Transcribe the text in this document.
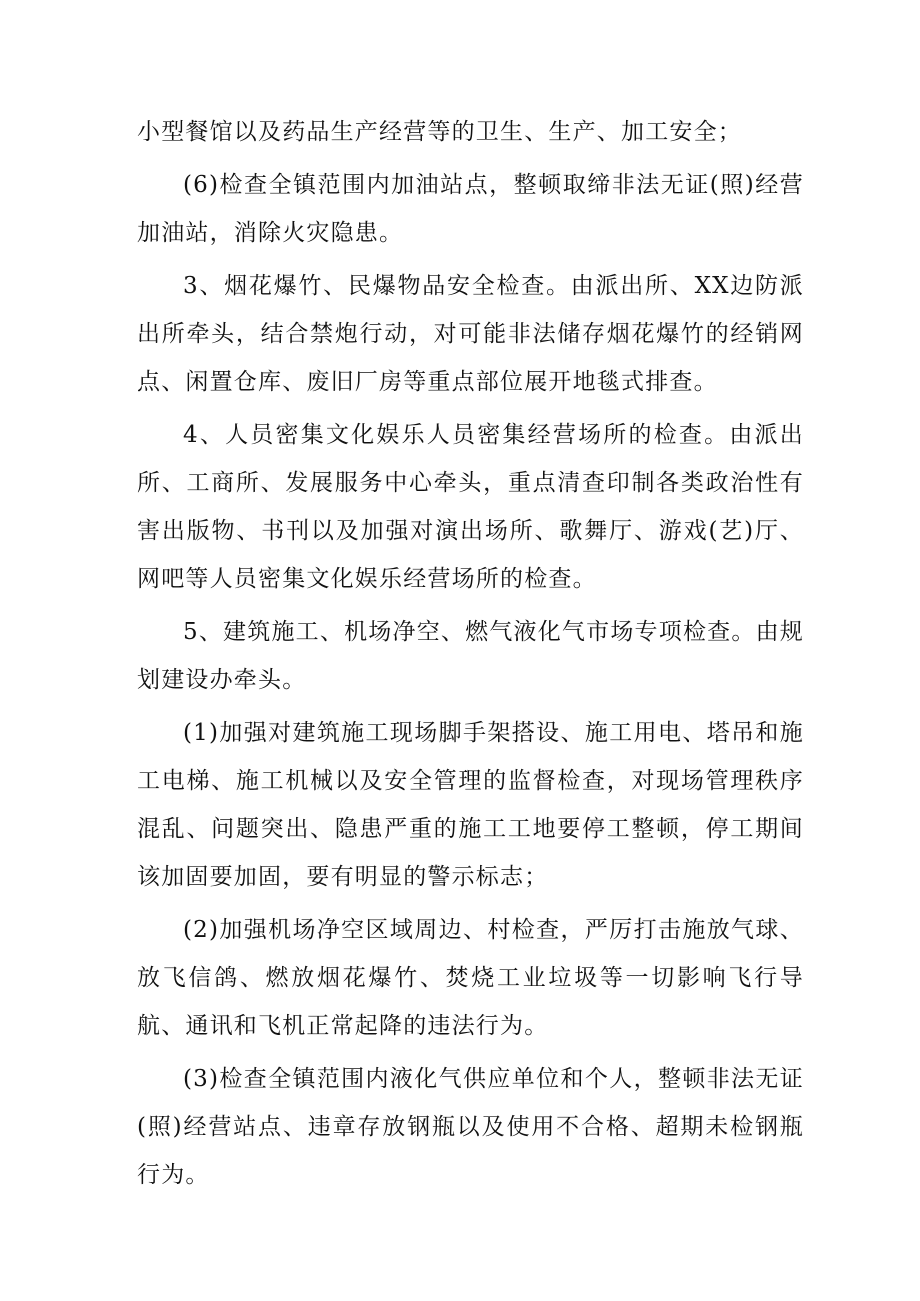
小型餐馆以及药品生产经营等的卫生、生产、加工安全；

(6)检查全镇范围内加油站点，整顿取缔非法无证(照)经营加油站，消除火灾隐患。

3、烟花爆竹、民爆物品安全检查。由派出所、XX边防派出所牵头，结合禁炮行动，对可能非法储存烟花爆竹的经销网点、闲置仓库、废旧厂房等重点部位展开地毯式排查。

4、人员密集文化娱乐人员密集经营场所的检查。由派出所、工商所、发展服务中心牵头，重点清查印制各类政治性有害出版物、书刊以及加强对演出场所、歌舞厅、游戏(艺)厅、网吧等人员密集文化娱乐经营场所的检查。

5、建筑施工、机场净空、燃气液化气市场专项检查。由规划建设办牵头。

(1)加强对建筑施工现场脚手架搭设、施工用电、塔吊和施工电梯、施工机械以及安全管理的监督检查，对现场管理秩序混乱、问题突出、隐患严重的施工工地要停工整顿，停工期间该加固要加固，要有明显的警示标志；

(2)加强机场净空区域周边、村检查，严厉打击施放气球、放飞信鸽、燃放烟花爆竹、焚烧工业垃圾等一切影响飞行导航、通讯和飞机正常起降的违法行为。

(3)检查全镇范围内液化气供应单位和个人，整顿非法无证(照)经营站点、违章存放钢瓶以及使用不合格、超期未检钢瓶行为。
